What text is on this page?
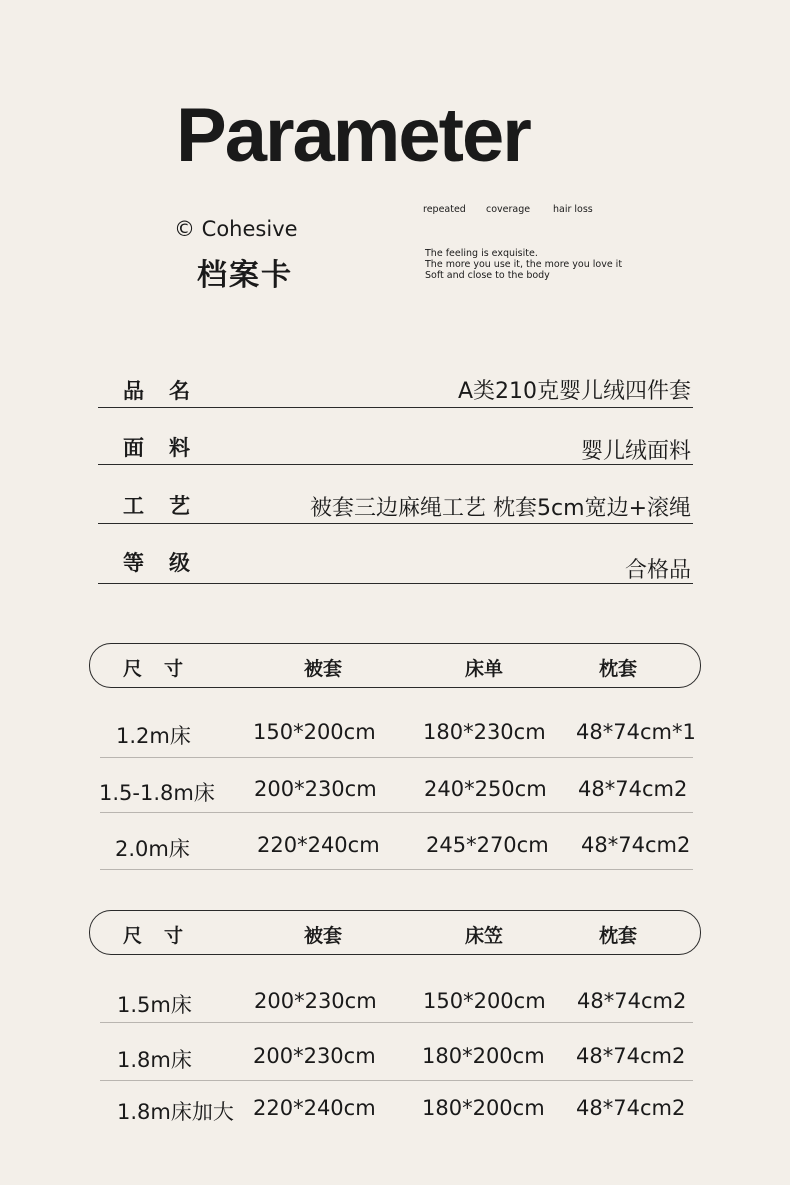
Parameter
© Cohesive
档案卡
repeated coverage hair loss
The feeling is exquisite.
The more you use it, the more you love it
Soft and close to the body
品名	A类210克婴儿绒四件套
面料	婴儿绒面料
工艺	被套三边麻绳工艺 枕套5cm宽边+滚绳
等级	合格品
尺寸	被套	床单	枕套
1.2m床	150*200cm 180*230cm 48*74cm*1
1.5-1.8m床 200*230cm 240*250cm 48*74cm2
2.0m床	220*240cm 245*270cm 48*74cm2
尺寸	被套	床笠	枕套
1.5m床	200*230cm 150*200cm 48*74cm2
1.8m床	200*230cm 180*200cm 48*74cm2
1.8m床加大 220*240cm 180*200cm 48*74cm2
